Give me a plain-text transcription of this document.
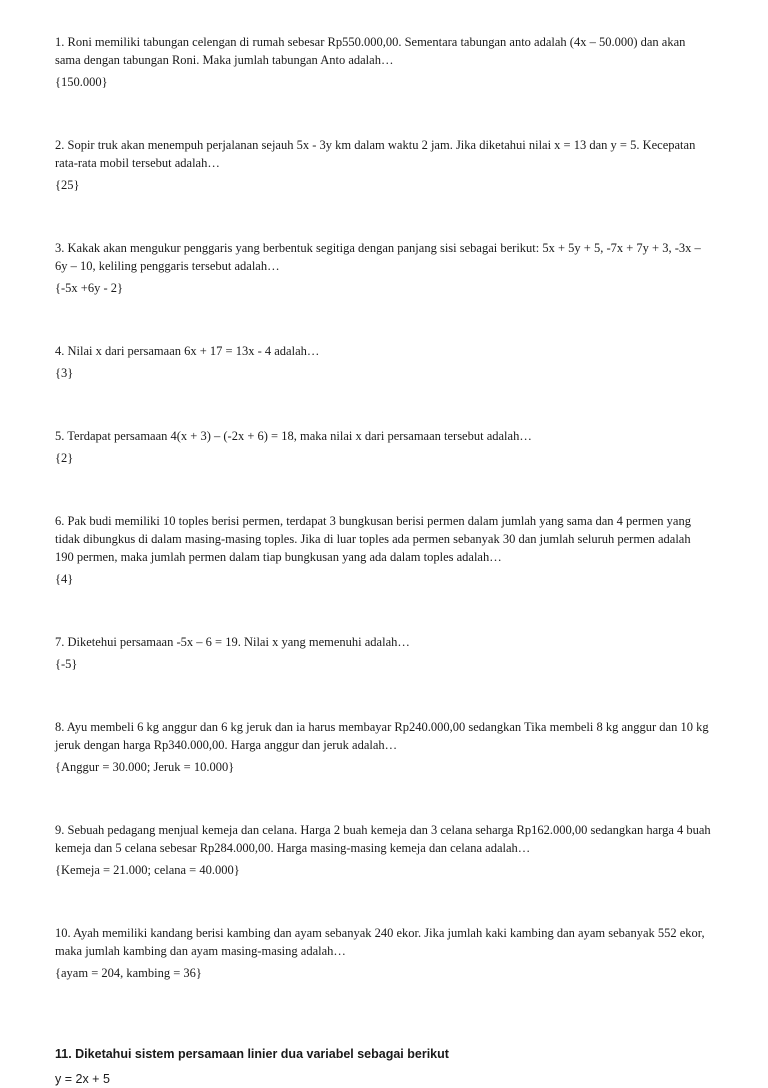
1. Roni memiliki tabungan celengan di rumah sebesar Rp550.000,00. Sementara tabungan anto adalah (4x – 50.000) dan akan sama dengan tabungan Roni. Maka jumlah tabungan Anto adalah…

{150.000}

2. Sopir truk akan menempuh perjalanan sejauh 5x - 3y km dalam waktu 2 jam. Jika diketahui nilai x = 13 dan y = 5. Kecepatan rata-rata mobil tersebut adalah…

{25}

3. Kakak akan mengukur penggaris yang berbentuk segitiga dengan panjang sisi sebagai berikut: 5x + 5y + 5, -7x + 7y + 3, -3x – 6y – 10, keliling penggaris tersebut adalah…

{-5x +6y - 2}

4. Nilai x dari persamaan 6x + 17 = 13x - 4 adalah…

{3}

5. Terdapat persamaan 4(x + 3) – (-2x + 6) = 18, maka nilai x dari persamaan tersebut adalah…

{2}

6. Pak budi memiliki 10 toples berisi permen, terdapat 3 bungkusan berisi permen dalam jumlah yang sama dan 4 permen yang tidak dibungkus di dalam masing-masing toples. Jika di luar toples ada permen sebanyak 30 dan jumlah seluruh permen adalah 190 permen, maka jumlah permen dalam tiap bungkusan yang ada dalam toples adalah…

{4}

7. Diketehui persamaan -5x – 6 = 19. Nilai x yang memenuhi adalah…

{-5}

8. Ayu membeli 6 kg anggur dan 6 kg jeruk dan ia harus membayar Rp240.000,00 sedangkan Tika membeli 8 kg anggur dan 10 kg jeruk dengan harga Rp340.000,00. Harga anggur dan jeruk adalah…

{Anggur = 30.000; Jeruk = 10.000}

9. Sebuah pedagang menjual kemeja dan celana. Harga 2 buah kemeja dan 3 celana seharga Rp162.000,00 sedangkan harga 4 buah kemeja dan 5 celana sebesar Rp284.000,00. Harga masing-masing kemeja dan celana adalah…

{Kemeja = 21.000; celana = 40.000}

10. Ayah memiliki kandang berisi kambing dan ayam sebanyak 240 ekor. Jika jumlah kaki kambing dan ayam sebanyak 552 ekor, maka jumlah kambing dan ayam masing-masing adalah…

{ayam = 204, kambing = 36}

11. Diketahui sistem persamaan linier dua variabel sebagai berikut

y = 2x + 5
